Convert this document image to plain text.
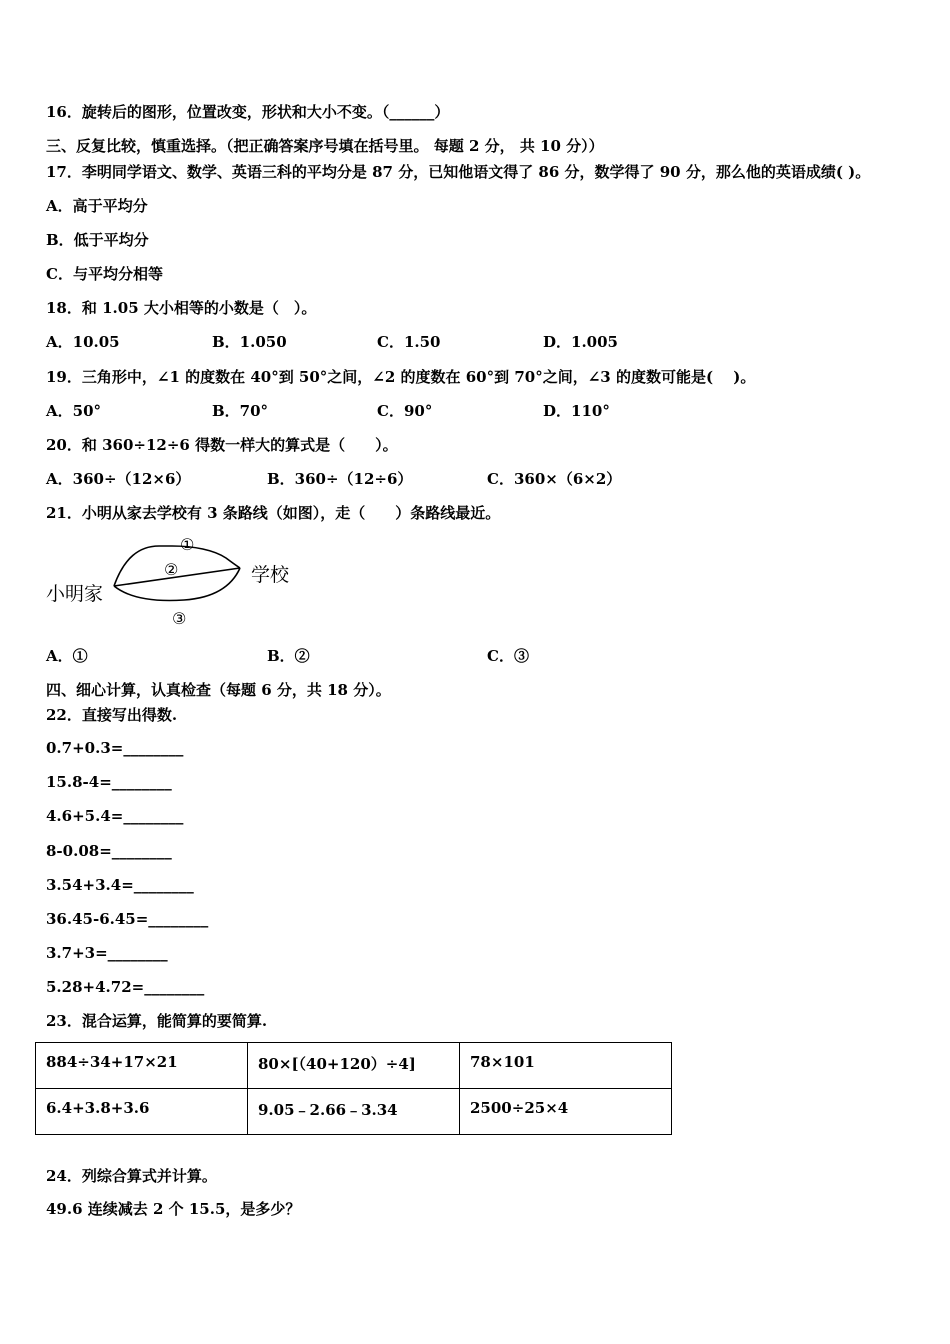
16．旋转后的图形，位置改变，形状和大小不变。（______）
三、反复比较，慎重选择。（把正确答案序号填在括号里。 每题 2 分， 共 10 分））
17．李明同学语文、数学、英语三科的平均分是 87 分，已知他语文得了 86 分，数学得了 90 分，那么他的英语成绩( )。
A．高于平均分
B．低于平均分
C．与平均分相等
18．和 1.05 大小相等的小数是（　）。
A．10.05	B．1.050	C．1.50	D．1.005
19．三角形中，∠1 的度数在 40°到 50°之间，∠2 的度数在 60°到 70°之间，∠3 的度数可能是(　 )。
A．50°	B．70°	C．90°	D．110°
20．和 360÷12÷6 得数一样大的算式是（　　）。
A．360÷（12×6）	B．360÷（12÷6）	C．360×（6×2）
21．小明从家去学校有 3 条路线（如图），走（　　）条路线最近。
小明家
学校
①
②
③
A．①	B．②	C．③
四、细心计算，认真检查（每题 6 分，共 18 分）。
22．直接写出得数.
0.7+0.3=________
15.8-4=________
4.6+5.4=________
8-0.08=________
3.54+3.4=________
36.45-6.45=________
3.7+3=________
5.28+4.72=________
23．混合运算，能简算的要简算.
884÷34+17×21	80×[（40+120）÷4]	78×101
6.4+3.8+3.6	9.05﹣2.66﹣3.34	2500÷25×4
24．列综合算式并计算。
49.6 连续减去 2 个 15.5，是多少？
